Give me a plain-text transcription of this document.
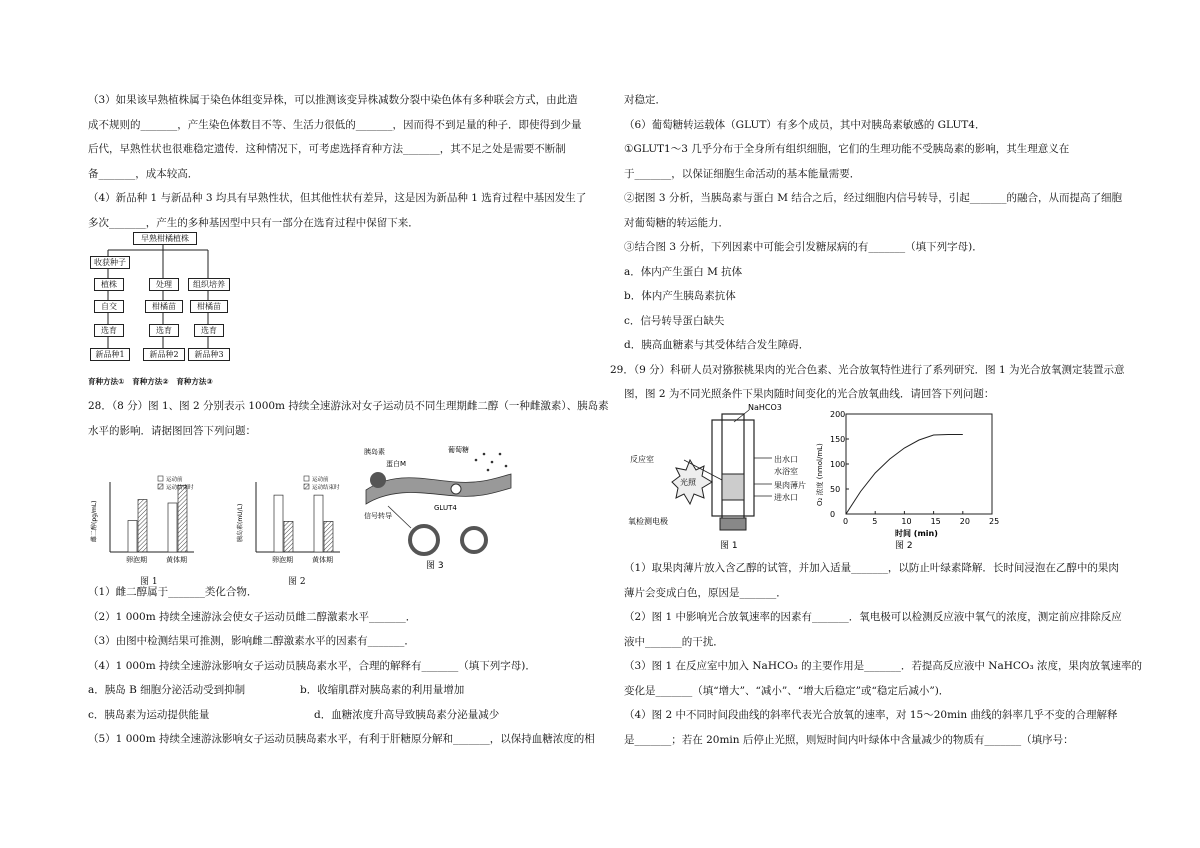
（3）如果该早熟植株属于染色体组变异株，可以推测该变异株减数分裂中染色体有多种联会方式，由此造

成不规则的_______，产生染色体数目不等、生活力很低的_______，因而得不到足量的种子．即使得到少量

后代，早熟性状也很难稳定遗传．这种情况下，可考虑选择育种方法_______，其不足之处是需要不断制

备_______，成本较高．

（4）新品种 1 与新品种 3 均具有早熟性状，但其他性状有差异，这是因为新品种 1 选育过程中基因发生了

多次_______，产生的多种基因型中只有一部分在选育过程中保留下来．

早熟柑橘植株
收获种子
植株
自交
选育
新品种1
处理
柑橘苗
选育
新品种2
组织培养
柑橘苗
选育
新品种3
育种方法① 育种方法② 育种方法③

28．（8 分）图 1、图 2 分别表示 1000m 持续全速游泳对女子运动员不同生理期雌二醇（一种雌激素）、胰岛素

水平的影响．请据图回答下列问题：

雌二醇(pg/mL)
卵泡期	黄体期
运动前
运动结束时
图 1
胰岛素(mU/L)
卵泡期	黄体期
运动前
运动结束时
图 2
胰岛素
蛋白M
葡萄糖
信号转导
GLUT4
图 3

（1）雌二醇属于_______类化合物．

（2）1 000m 持续全速游泳会使女子运动员雌二醇激素水平_______．

（3）由图中检测结果可推测，影响雌二醇激素水平的因素有_______．

（4）1 000m 持续全速游泳影响女子运动员胰岛素水平，合理的解释有_______（填下列字母)．

a．胰岛 B 细胞分泌活动受到抑制	b．收缩肌群对胰岛素的利用量增加

c．胰岛素为运动提供能量	d．血糖浓度升高导致胰岛素分泌量减少

（5）1 000m 持续全速游泳影响女子运动员胰岛素水平，有利于肝糖原分解和_______，以保持血糖浓度的相

对稳定．

（6）葡萄糖转运载体（GLUT）有多个成员，其中对胰岛素敏感的 GLUT4．

①GLUT1～3 几乎分布于全身所有组织细胞，它们的生理功能不受胰岛素的影响，其生理意义在

于_______，以保证细胞生命活动的基本能量需要．

②据图 3 分析，当胰岛素与蛋白 M 结合之后，经过细胞内信号转导，引起_______的融合，从而提高了细胞

对葡萄糖的转运能力．

③结合图 3 分析，下列因素中可能会引发糖尿病的有_______（填下列字母)．

a．体内产生蛋白 M 抗体

b．体内产生胰岛素抗体

c．信号转导蛋白缺失

d．胰高血糖素与其受体结合发生障碍．

29．（9 分）科研人员对猕猴桃果肉的光合色素、光合放氧特性进行了系列研究．图 1 为光合放氧测定装置示意

图，图 2 为不同光照条件下果肉随时间变化的光合放氧曲线．请回答下列问题：

NaHCO3
反应室	出水口
水浴室
果肉薄片
进水口
光照
氧检测电极
图 1
0	5	10 15 20 25
0
50
100
150
200
时间 (min)
O₂ 浓度 (nmol/mL)
图 2

（1）取果肉薄片放入含乙醇的试管，并加入适量_______，以防止叶绿素降解．长时间浸泡在乙醇中的果肉

薄片会变成白色，原因是_______．

（2）图 1 中影响光合放氧速率的因素有_______．氧电极可以检测反应液中氧气的浓度，测定前应排除反应

液中_______的干扰．

（3）图 1 在反应室中加入 NaHCO₃ 的主要作用是_______．若提高反应液中 NaHCO₃ 浓度，果肉放氧速率的

变化是_______（填“增大”、“减小”、“增大后稳定”或“稳定后减小”)．

（4）图 2 中不同时间段曲线的斜率代表光合放氧的速率，对 15～20min 曲线的斜率几乎不变的合理解释

是_______；若在 20min 后停止光照，则短时间内叶绿体中含量减少的物质有_______（填序号：
